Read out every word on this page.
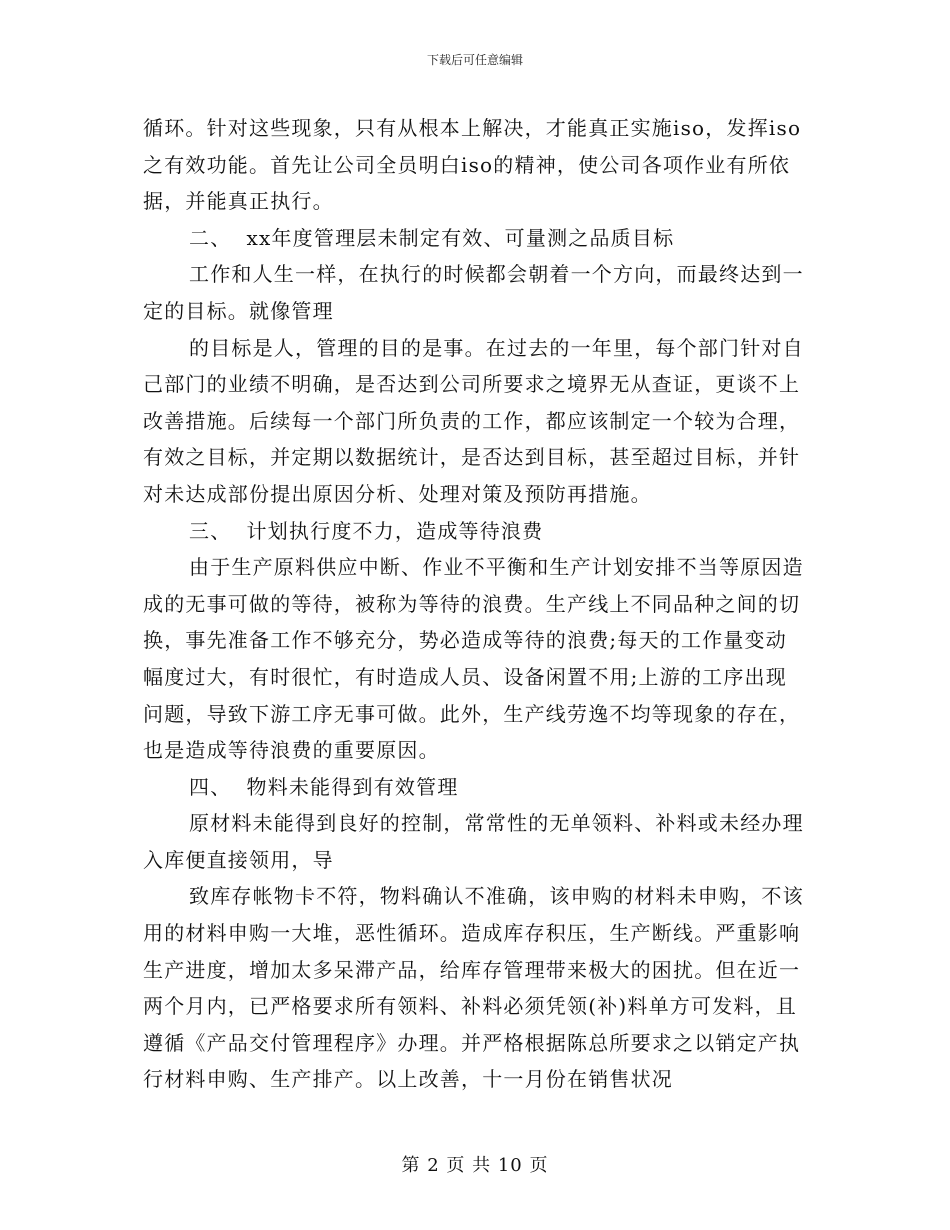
下载后可任意编辑

循环。针对这些现象，只有从根本上解决，才能真正实施iso，发挥iso之有效功能。首先让公司全员明白iso的精神，使公司各项作业有所依据，并能真正执行。

二、  xx年度管理层未制定有效、可量测之品质目标

工作和人生一样，在执行的时候都会朝着一个方向，而最终达到一定的目标。就像管理

的目标是人，管理的目的是事。在过去的一年里，每个部门针对自己部门的业绩不明确，是否达到公司所要求之境界无从查证，更谈不上改善措施。后续每一个部门所负责的工作，都应该制定一个较为合理，有效之目标，并定期以数据统计，是否达到目标，甚至超过目标，并针对未达成部份提出原因分析、处理对策及预防再措施。

三、  计划执行度不力，造成等待浪费

由于生产原料供应中断、作业不平衡和生产计划安排不当等原因造成的无事可做的等待，被称为等待的浪费。生产线上不同品种之间的切换，事先准备工作不够充分，势必造成等待的浪费;每天的工作量变动幅度过大，有时很忙，有时造成人员、设备闲置不用;上游的工序出现问题，导致下游工序无事可做。此外，生产线劳逸不均等现象的存在，也是造成等待浪费的重要原因。

四、  物料未能得到有效管理

原材料未能得到良好的控制，常常性的无单领料、补料或未经办理入库便直接领用，导

致库存帐物卡不符，物料确认不准确，该申购的材料未申购，不该用的材料申购一大堆，恶性循环。造成库存积压，生产断线。严重影响生产进度，增加太多呆滞产品，给库存管理带来极大的困扰。但在近一两个月内，已严格要求所有领料、补料必须凭领(补)料单方可发料，且遵循《产品交付管理程序》办理。并严格根据陈总所要求之以销定产执行材料申购、生产排产。以上改善，十一月份在销售状况

第 2 页 共 10 页
